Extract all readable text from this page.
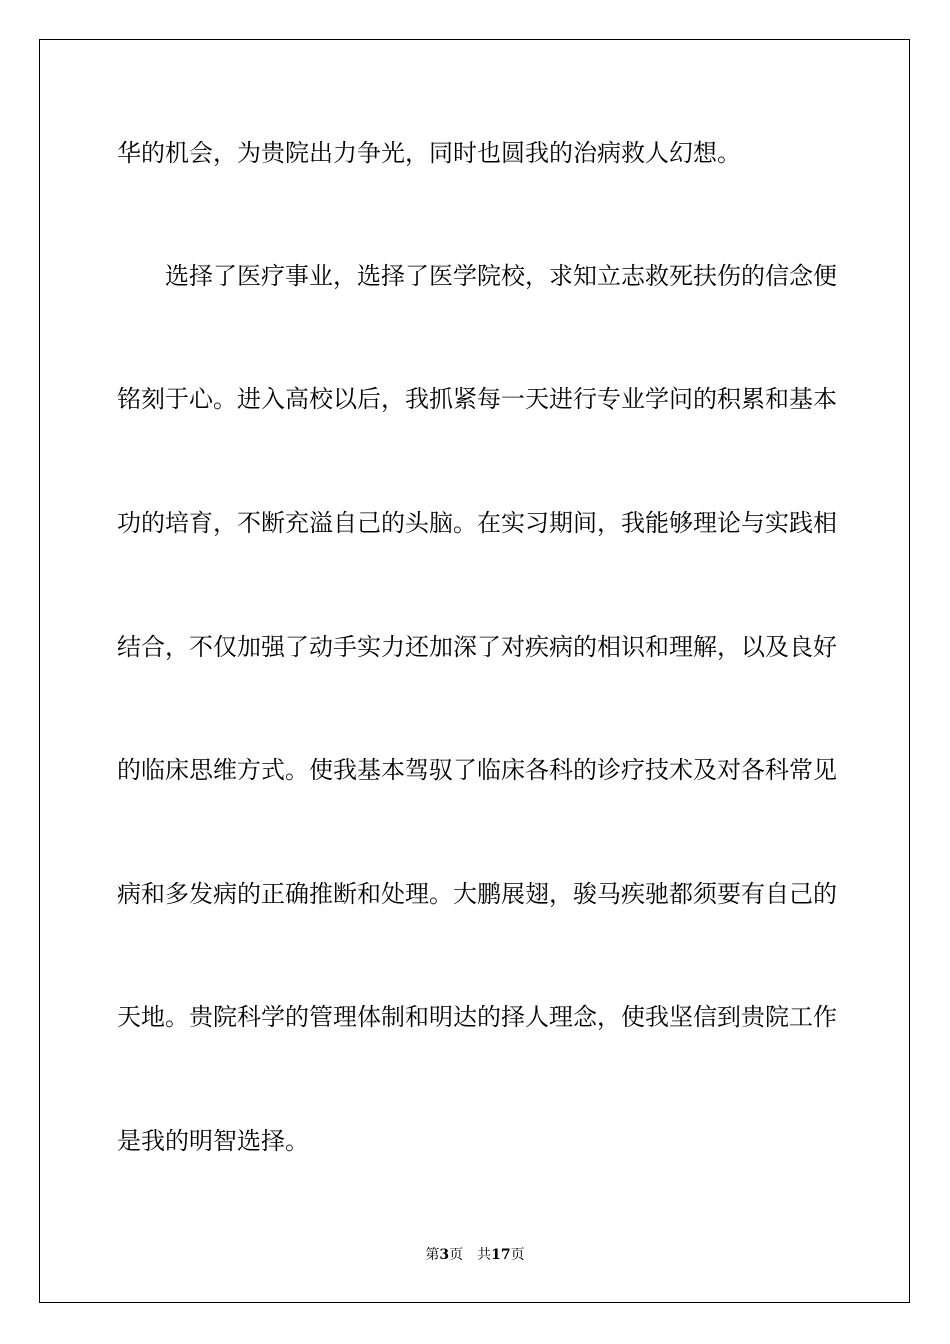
华的机会，为贵院出力争光，同时也圆我的治病救人幻想。
选择了医疗事业，选择了医学院校，求知立志救死扶伤的信念便
铭刻于心。进入高校以后，我抓紧每一天进行专业学问的积累和基本
功的培育，不断充溢自己的头脑。在实习期间，我能够理论与实践相
结合，不仅加强了动手实力还加深了对疾病的相识和理解，以及良好
的临床思维方式。使我基本驾驭了临床各科的诊疗技术及对各科常见
病和多发病的正确推断和处理。大鹏展翅，骏马疾驰都须要有自己的
天地。贵院科学的管理体制和明达的择人理念，使我坚信到贵院工作
是我的明智选择。
第3页 共17页
